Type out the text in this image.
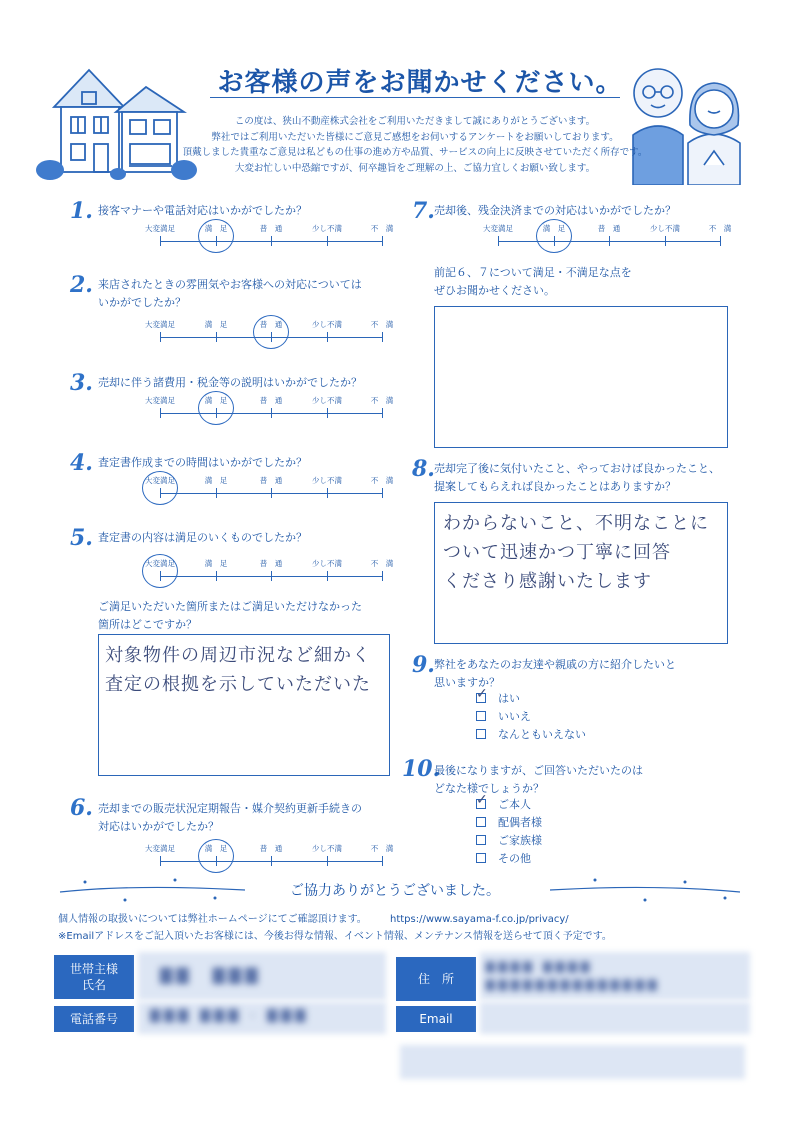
お客様の声をお聞かせください。
この度は、狭山不動産株式会社をご利用いただきまして誠にありがとうございます。
弊社ではご利用いただいた皆様にご意見ご感想をお伺いするアンケートをお願いしております。
頂戴しました貴重なご意見は私どもの仕事の進め方や品質、サービスの向上に反映させていただく所存です。
大変お忙しい中恐縮ですが、何卒趣旨をご理解の上、ご協力宜しくお願い致します。
1. 接客マナーや電話対応はいかがでしたか？
大変満足	満　足	普　通	少し不満	不　満
2. 来店されたときの雰囲気やお客様への対応については
いかがでしたか？
大変満足	満　足	普　通	少し不満	不　満
3. 売却に伴う諸費用・税金等の説明はいかがでしたか？
大変満足	満　足	普　通	少し不満	不　満
4. 査定書作成までの時間はいかがでしたか？
大変満足	満　足	普　通	少し不満	不　満
5. 査定書の内容は満足のいくものでしたか？
大変満足	満　足	普　通	少し不満	不　満
ご満足いただいた箇所またはご満足いただけなかった
箇所はどこですか？
対象物件の周辺市況など細かく
査定の根拠を示していただいた
6. 売却までの販売状況定期報告・媒介契約更新手続きの
対応はいかがでしたか？
大変満足	満　足	普　通	少し不満	不　満
7. 売却後、残金決済までの対応はいかがでしたか？
大変満足	満　足	普　通	少し不満	不　満
前記６、７について満足・不満足な点を
ぜひお聞かせください。
8. 売却完了後に気付いたこと、やっておけば良かったこと、
提案してもらえれば良かったことはありますか？
わからないこと、不明なことに
ついて迅速かつ丁寧に回答
くださり感謝いたします
9. 弊社をあなたのお友達や親戚の方に紹介したいと
思いますか？
✓ はい
いいえ
なんともいえない
10.
最後になりますが、ご回答いただいたのは
どなた様でしょうか？
✓ ご本人
配偶者様
ご家族様
その他
ご協力ありがとうございました。
個人情報の取扱いについては弊社ホームページにてご確認頂けます。 https://www.sayama-f.co.jp/privacy/
※Emailアドレスをご記入頂いたお客様には、今後お得な情報、イベント情報、メンテナンス情報を送らせて頂く予定です。
世帯主様
氏名
▇▇　▇▇▇
電話番号	▇▇▇ ▇▇▇ - ▇▇▇
住　所
▇▇▇▇ ▇▇▇▇
▇▇▇▇▇▇▇▇▇▇▇▇▇▇
Email
